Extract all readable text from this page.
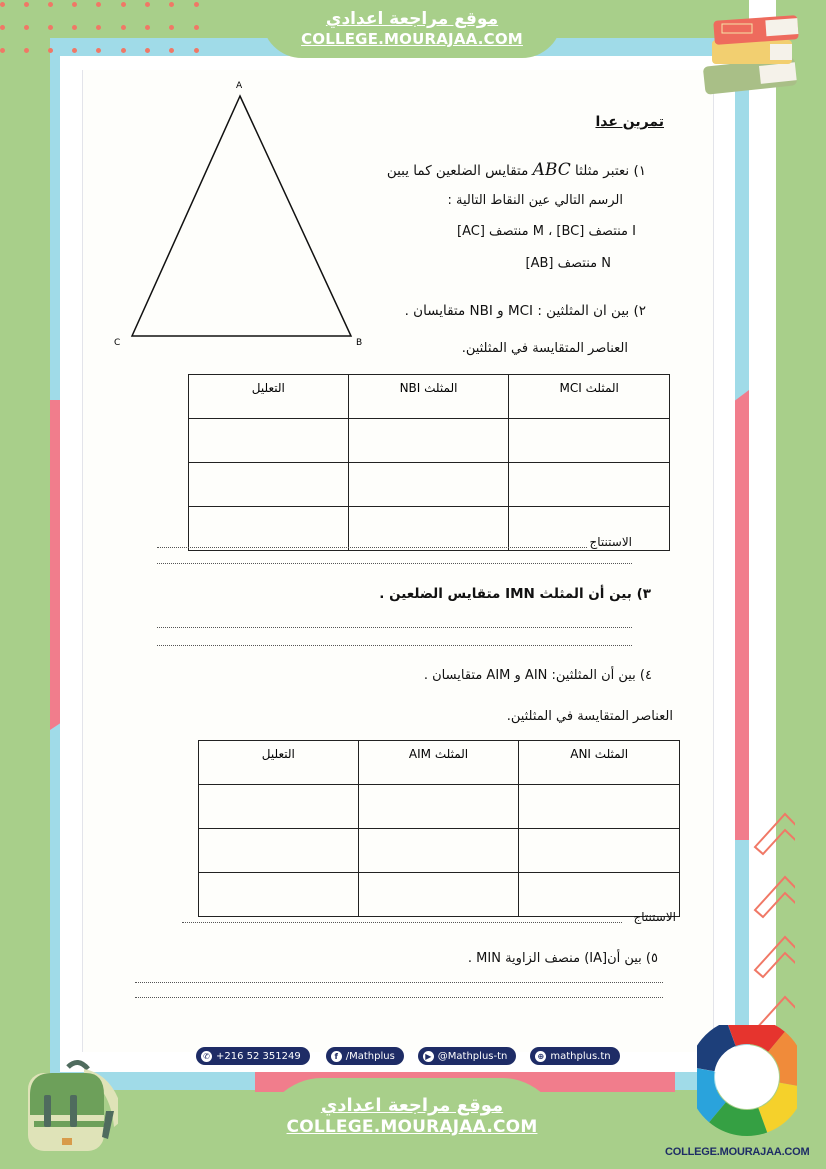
موقع مراجعة اعدادي
COLLEGE.MOURAJAA.COM
تمرين عدا
A
B
C
١) نعتبر مثلثا ABC متقايس الضلعين كما يبين
الرسم التالي عين النقاط التالية :
I منتصف [BC] ، M منتصف [AC]
N منتصف [AB]
٢) بين ان المثلثين : MCI و NBI متقايسان .
العناصر المتقايسة في المثلثين.
المثلث MCI	المثلث NBI	التعليل

الاستنتاج
٣) بين أن المثلث IMN متقايس الضلعين .
٤) بين أن المثلثين: AIN و AIM متقايسان .
العناصر المتقايسة في المثلثين.
المثلث ANI	المثلث AIM	التعليل

الاستنتاج
٥) بين أن[IA) منصف الزاوية MIN .
✆ +216 52 351249	f /Mathplus	▶ @Mathplus-tn	⊕ mathplus.tn
موقع مراجعة اعدادي
COLLEGE.MOURAJAA.COM
COLLEGE.MOURAJAA.COM
